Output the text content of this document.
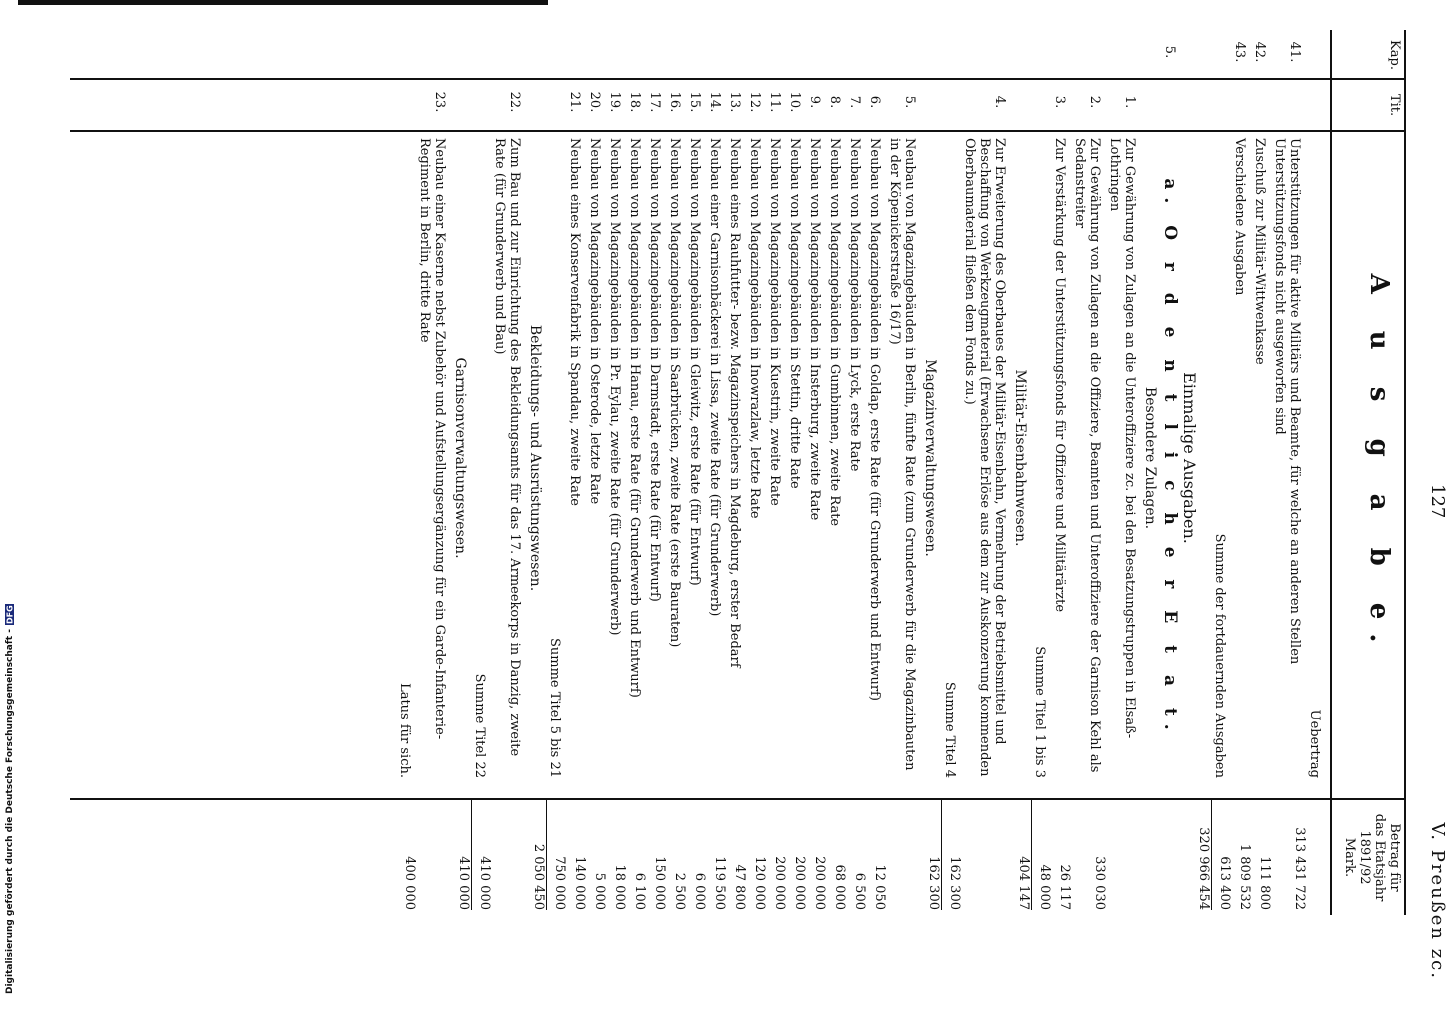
Digitalisierung gefördert durch die Deutsche Forschungsgemeinschaft -
DFG
127
V. Preußen zc.
Kap.
Tit.
Betrag für
das Etatsjahr
1891/92
Mark.
A u s g a b e.
Uebertrag
313 431 722
41.
Unterstützungen für aktive Militärs und Beamte, für welche an anderen Stellen Unterstützungsfonds nicht ausgeworfen sind
111 800
42.
Zuschuß zur Militär-Wittwenkasse
1 809 532
43.
Verschiedene Ausgaben
613 400
Summe der fortdauernden Ausgaben
320 966 454
Einmalige Ausgaben.
5.
a. O r d e n t l i c h e r E t a t.
Besondere Zulagen.
1.
Zur Gewährung von Zulagen an die Unteroffiziere zc. bei den Besatzungstruppen in Elsaß-Lothringen
330 030
2.
Zur Gewährung von Zulagen an die Offiziere, Beamten und Unteroffiziere der Garnison Kehl als Sedanstreiter
26 117
3.
Zur Verstärkung der Unterstützungsfonds für Offiziere und Militärärzte
48 000
Summe Titel 1 bis 3
404 147
Militär-Eisenbahnwesen.
4.
Zur Erweiterung des Oberbaues der Militär-Eisenbahn, Vermehrung der Betriebsmittel und Beschaffung von Werkzeugmaterial (Erwachsene Erlöse aus dem zur Auskonzerung kommenden Oberbaumaterial fließen dem Fonds zu.)
162 300
Summe Titel 4
162 300
Magazinverwaltungswesen.
5.
Neubau von Magazingebäuden in Berlin, fünfte Rate (zum Grunderwerb für die Magazinbauten in der Köpenickerstraße 16/17)
12 050
6.
Neubau von Magazingebäuden in Goldap, erste Rate (für Grunderwerb und Entwurf)
6 500
7.
Neubau von Magazingebäuden in Lyck, erste Rate
68 000
8.
Neubau von Magazingebäuden in Gumbinnen, zweite Rate
200 000
9.
Neubau von Magazingebäuden in Insterburg, zweite Rate
200 000
10.
Neubau von Magazingebäuden in Stettin, dritte Rate
200 000
11.
Neubau von Magazingebäuden in Kuestrin, zweite Rate
120 000
12.
Neubau von Magazingebäuden in Inowrazlaw, letzte Rate
47 800
13.
Neubau eines Rauhfutter- bezw. Magazinspeichers in Magdeburg, erster Bedarf
119 500
14.
Neubau einer Garnisonbäckerei in Lissa, zweite Rate (für Grunderwerb)
6 000
15.
Neubau von Magazingebäuden in Gleiwitz, erste Rate (für Entwurf)
2 500
16.
Neubau von Magazingebäuden in Saarbrücken, zweite Rate (erste Bauraten)
150 000
17.
Neubau von Magazingebäuden in Darmstadt, erste Rate (für Entwurf)
6 100
18.
Neubau von Magazingebäuden in Hanau, erste Rate (für Grunderwerb und Entwurf)
18 000
19.
Neubau von Magazingebäuden in Pr. Eylau, zweite Rate (für Grunderwerb)
5 000
20.
Neubau von Magazingebäuden in Osterode, letzte Rate
140 000
21.
Neubau eines Konservenfabrik in Spandau, zweite Rate
750 000
Summe Titel 5 bis 21
2 050 450
Bekleidungs- und Ausrüstungswesen.
22.
Zum Bau und zur Einrichtung des Bekleidungsamts für das 17. Armeekorps in Danzig, zweite Rate (für Grunderwerb und Bau)
410 000
Summe Titel 22
410 000
Garnisonverwaltungswesen.
23.
Neubau einer Kaserne nebst Zubehör und Aufstellungsergänzung für ein Garde-Infanterie-Regiment in Berlin, dritte Rate
400 000
Latus für sich.
